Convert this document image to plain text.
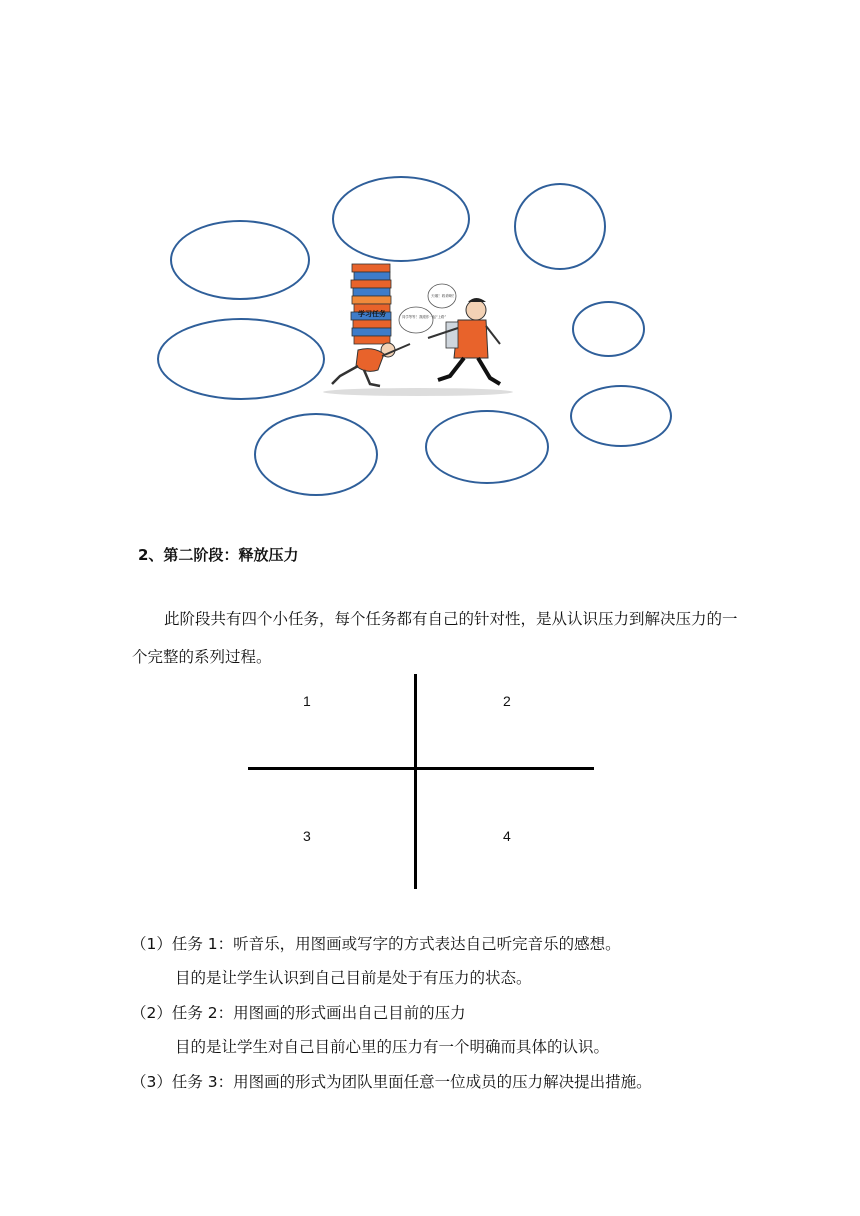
学习任务	同学等等！我跟你一起“上路”
天哪！救命啊！
2、第二阶段：释放压力
此阶段共有四个小任务，每个任务都有自己的针对性，是从认识压力到解决压力的一个完整的系列过程。
1	2
3	4
（1）任务 1：听音乐，用图画或写字的方式表达自己听完音乐的感想。
目的是让学生认识到自己目前是处于有压力的状态。
（2）任务 2：用图画的形式画出自己目前的压力
目的是让学生对自己目前心里的压力有一个明确而具体的认识。
（3）任务 3：用图画的形式为团队里面任意一位成员的压力解决提出措施。
